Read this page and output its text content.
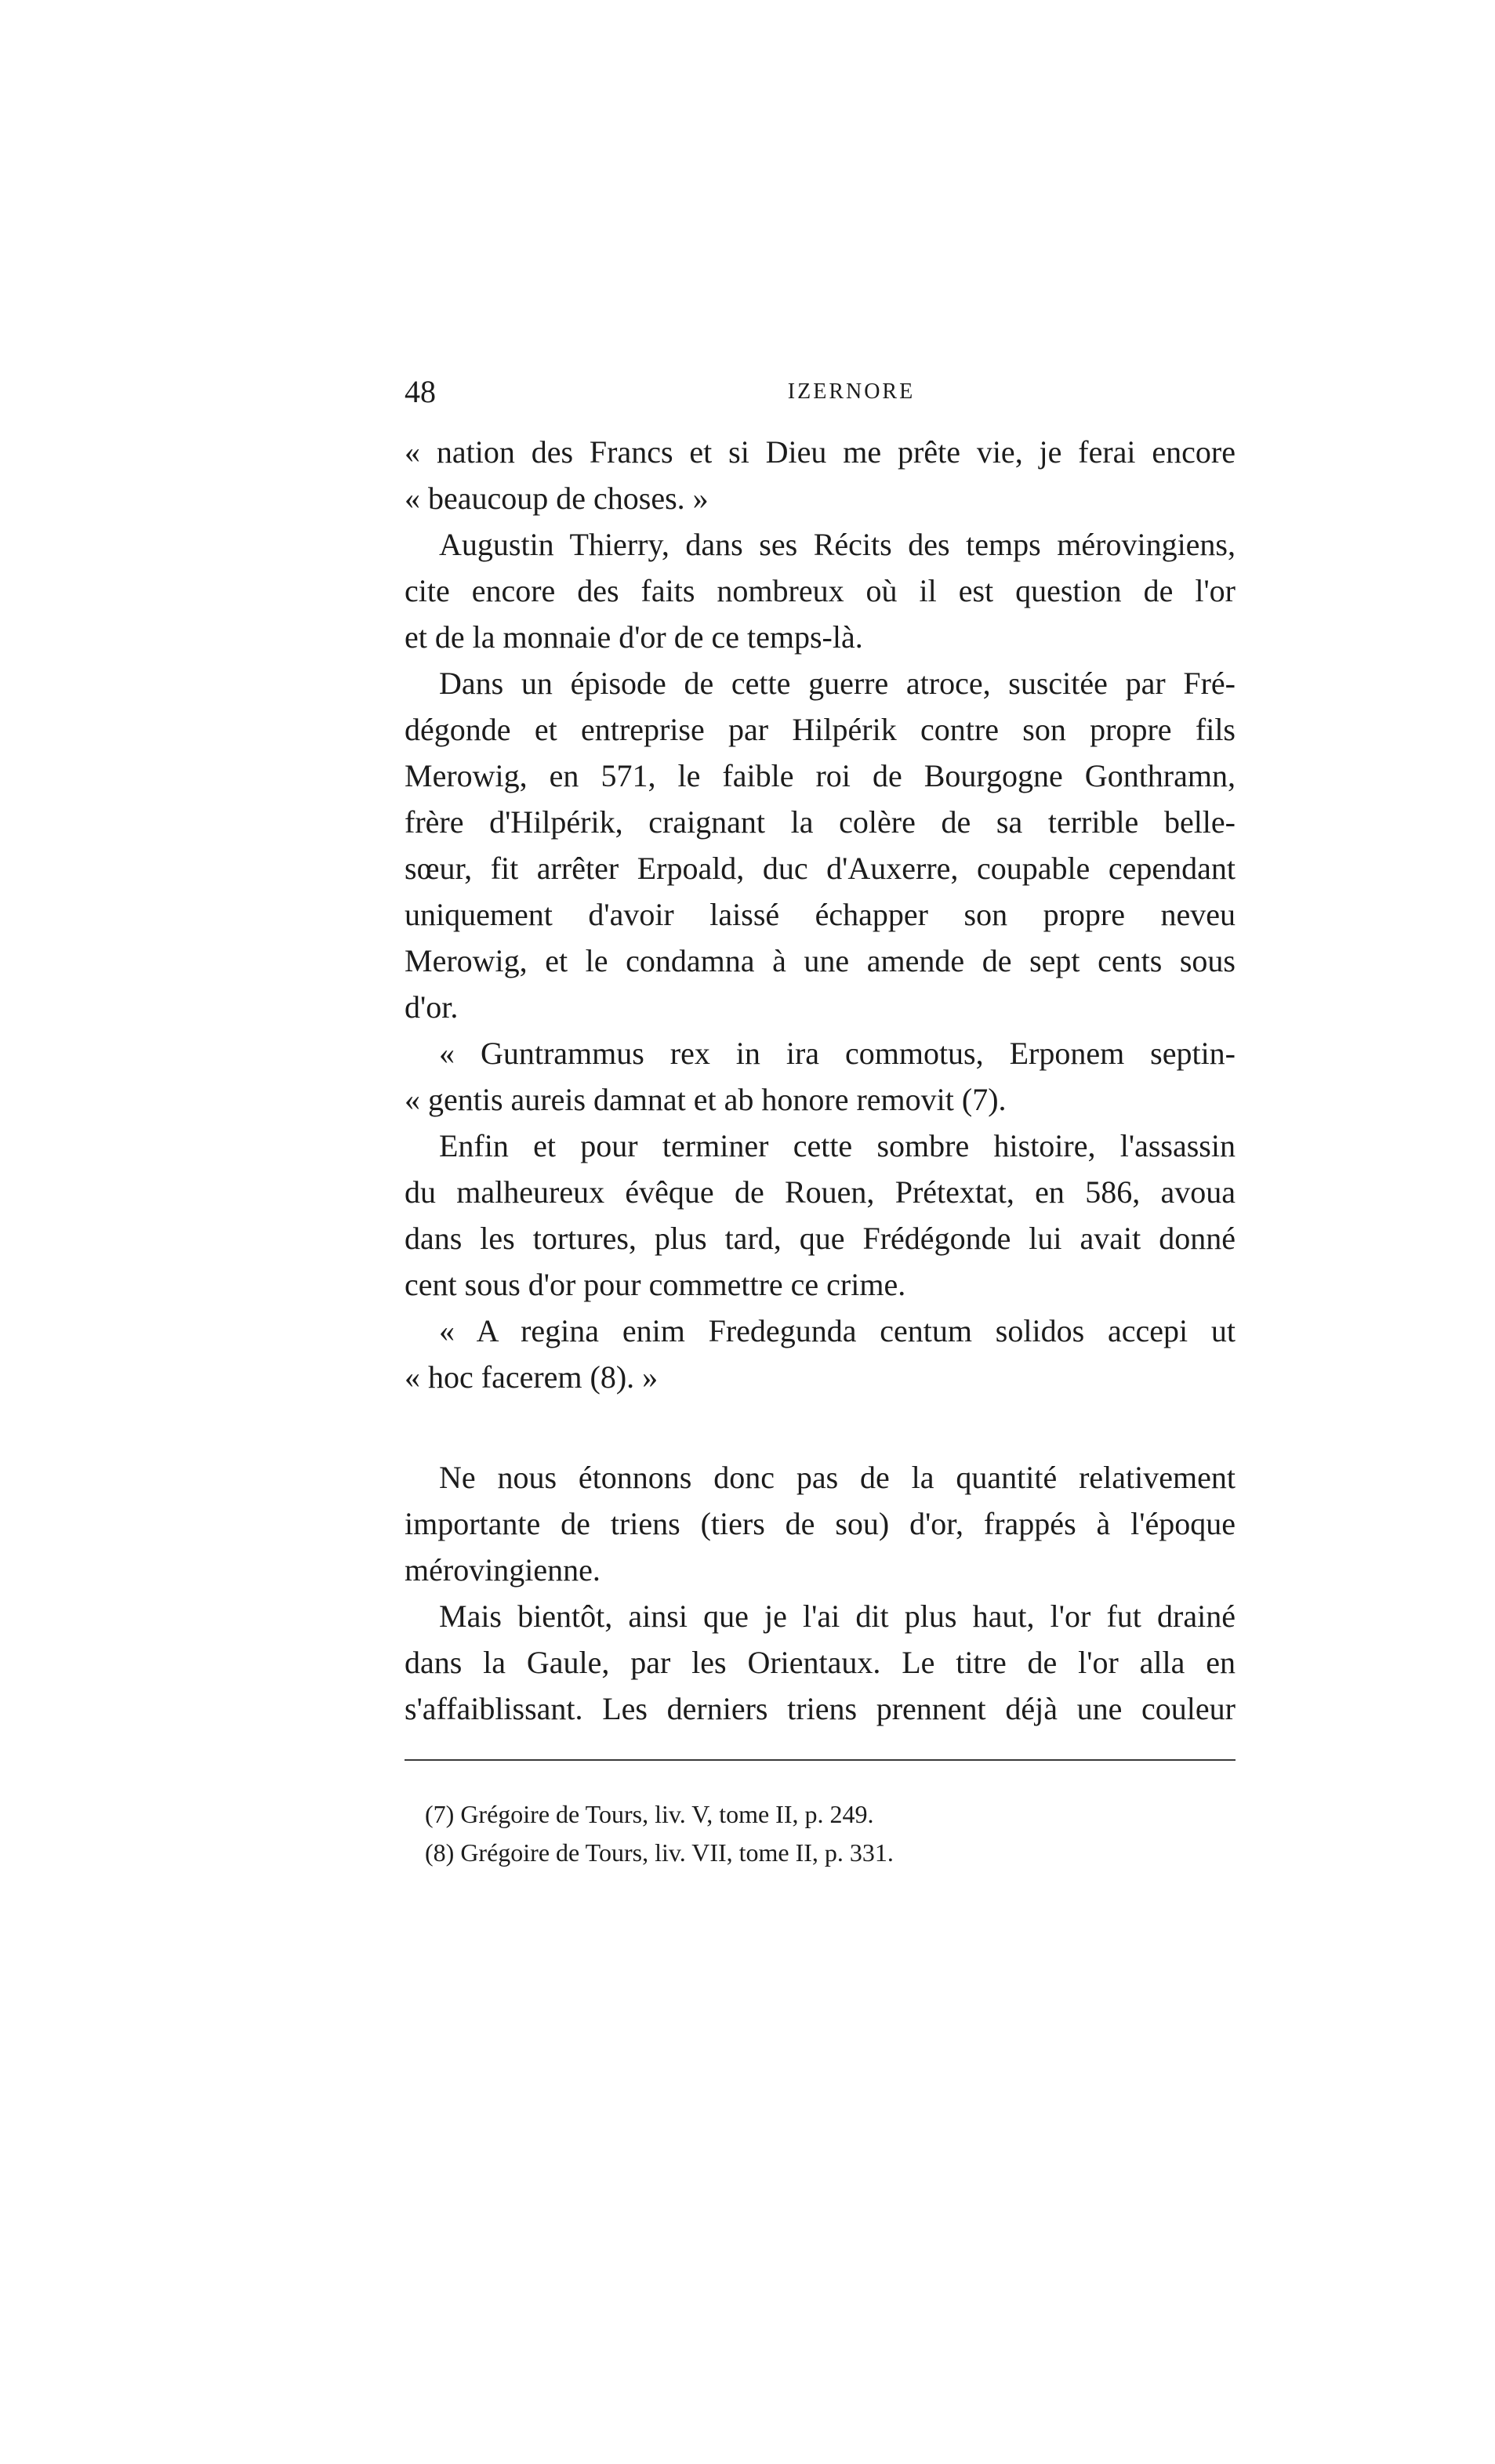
48	IZERNORE
« nation des Francs et si Dieu me prête vie, je ferai encore
« beaucoup de choses. »
Augustin Thierry, dans ses Récits des temps mérovingiens,
cite encore des faits nombreux où il est question de l'or
et de la monnaie d'or de ce temps-là.
Dans un épisode de cette guerre atroce, suscitée par Fré-
dégonde et entreprise par Hilpérik contre son propre fils
Merowig, en 571, le faible roi de Bourgogne Gonthramn,
frère d'Hilpérik, craignant la colère de sa terrible belle-
sœur, fit arrêter Erpoald, duc d'Auxerre, coupable cependant
uniquement d'avoir laissé échapper son propre neveu
Merowig, et le condamna à une amende de sept cents sous
d'or.
« Guntrammus rex in ira commotus, Erponem septin-
« gentis aureis damnat et ab honore removit (7).
Enfin et pour terminer cette sombre histoire, l'assassin
du malheureux évêque de Rouen, Prétextat, en 586, avoua
dans les tortures, plus tard, que Frédégonde lui avait donné
cent sous d'or pour commettre ce crime.
« A regina enim Fredegunda centum solidos accepi ut
« hoc facerem (8). »
Ne nous étonnons donc pas de la quantité relativement
importante de triens (tiers de sou) d'or, frappés à l'époque
mérovingienne.
Mais bientôt, ainsi que je l'ai dit plus haut, l'or fut drainé
dans la Gaule, par les Orientaux. Le titre de l'or alla en
s'affaiblissant. Les derniers triens prennent déjà une couleur
(7) Grégoire de Tours, liv. V, tome II, p. 249.
(8) Grégoire de Tours, liv. VII, tome II, p. 331.
